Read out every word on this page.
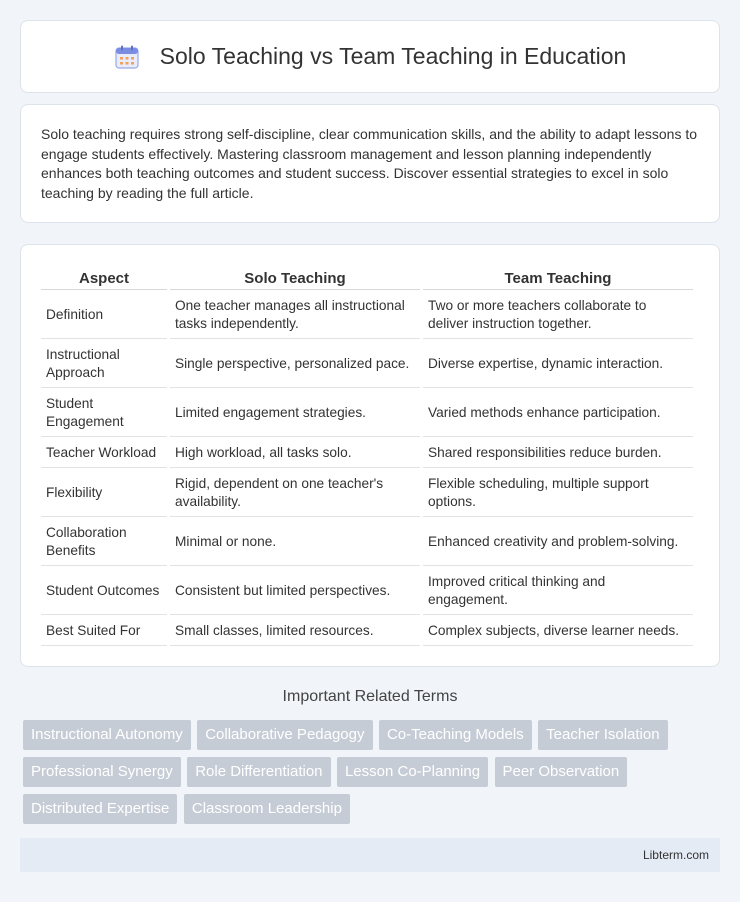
Solo Teaching vs Team Teaching in Education

Solo teaching requires strong self-discipline, clear communication skills, and the ability to adapt lessons to engage students effectively. Mastering classroom management and lesson planning independently enhances both teaching outcomes and student success. Discover essential strategies to excel in solo teaching by reading the full article.

Aspect	Solo Teaching	Team Teaching
Definition	One teacher manages all instructional tasks independently.	Two or more teachers collaborate to deliver instruction together.
Instructional Approach	Single perspective, personalized pace.	Diverse expertise, dynamic interaction.
Student Engagement	Limited engagement strategies.	Varied methods enhance participation.
Teacher Workload	High workload, all tasks solo.	Shared responsibilities reduce burden.
Flexibility	Rigid, dependent on one teacher's availability.	Flexible scheduling, multiple support options.
Collaboration Benefits	Minimal or none.	Enhanced creativity and problem-solving.
Student Outcomes	Consistent but limited perspectives.	Improved critical thinking and engagement.
Best Suited For	Small classes, limited resources.	Complex subjects, diverse learner needs.
Important Related Terms
Instructional Autonomy Collaborative Pedagogy Co-Teaching Models Teacher Isolation Professional Synergy Role Differentiation Lesson Co-Planning Peer Observation Distributed Expertise Classroom Leadership
Libterm.com
